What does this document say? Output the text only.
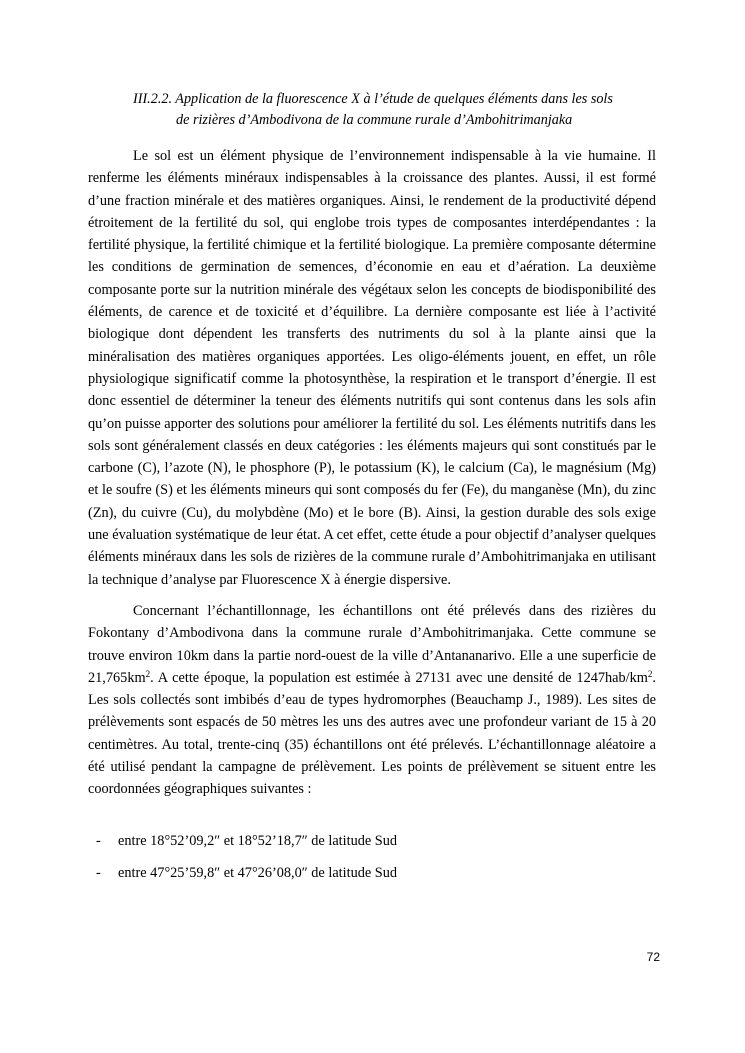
III.2.2. Application de la fluorescence X à l’étude de quelques éléments dans les sols
de rizières d’Ambodivona de la commune rurale d’Ambohitrimanjaka

Le sol est un élément physique de l’environnement indispensable à la vie humaine. Il renferme les éléments minéraux indispensables à la croissance des plantes. Aussi, il est formé d’une fraction minérale et des matières organiques. Ainsi, le rendement de la productivité dépend étroitement de la fertilité du sol, qui englobe trois types de composantes interdépendantes : la fertilité physique, la fertilité chimique et la fertilité biologique. La première composante détermine les conditions de germination de semences, d’économie en eau et d’aération. La deuxième composante porte sur la nutrition minérale des végétaux selon les concepts de biodisponibilité des éléments, de carence et de toxicité et d’équilibre. La dernière composante est liée à l’activité biologique dont dépendent les transferts des nutriments du sol à la plante ainsi que la minéralisation des matières organiques apportées. Les oligo-éléments jouent, en effet, un rôle physiologique significatif comme la photosynthèse, la respiration et le transport d’énergie. Il est donc essentiel de déterminer la teneur des éléments nutritifs qui sont contenus dans les sols afin qu’on puisse apporter des solutions pour améliorer la fertilité du sol. Les éléments nutritifs dans les sols sont généralement classés en deux catégories : les éléments majeurs qui sont constitués par le carbone (C), l’azote (N), le phosphore (P), le potassium (K), le calcium (Ca), le magnésium (Mg) et le soufre (S) et les éléments mineurs qui sont composés du fer (Fe), du manganèse (Mn), du zinc (Zn), du cuivre (Cu), du molybdène (Mo) et le bore (B). Ainsi, la gestion durable des sols exige une évaluation systématique de leur état. A cet effet, cette étude a pour objectif d’analyser quelques éléments minéraux dans les sols de rizières de la commune rurale d’Ambohitrimanjaka en utilisant la technique d’analyse par Fluorescence X à énergie dispersive.

Concernant l’échantillonnage, les échantillons ont été prélevés dans des rizières du Fokontany d’Ambodivona dans la commune rurale d’Ambohitrimanjaka. Cette commune se trouve environ 10km dans la partie nord-ouest de la ville d’Antananarivo. Elle a une superficie de $21,765km^2$. A cette époque, la population est estimée à 27131 avec une densité de $1247hab/km^2$. Les sols collectés sont imbibés d’eau de types hydromorphes (Beauchamp J., 1989). Les sites de prélèvements sont espacés de 50 mètres les uns des autres avec une profondeur variant de 15 à 20 centimètres. Au total, trente-cinq (35) échantillons ont été prélevés. L’échantillonnage aléatoire a été utilisé pendant la campagne de prélèvement. Les points de prélèvement se situent entre les coordonnées géographiques suivantes :

- entre 18°52’09,2″ et 18°52’18,7″ de latitude Sud
- entre 47°25’59,8″ et 47°26’08,0″ de latitude Sud
72
